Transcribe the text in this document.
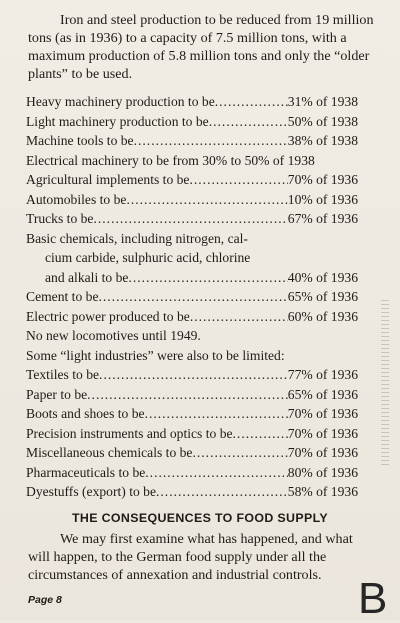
Iron and steel production to be reduced from 19 million tons (as in 1936) to a capacity of 7.5 million tons, with a maximum production of 5.8 million tons and only the “older plants” to be used.

Heavy machinery production to be .....	31% of 1938
Light machinery production to be .....	50% of 1938
Machine tools to be .....	38% of 1938
Electrical machinery to be from 30% to 50% of 1938
Agricultural implements to be .....	70% of 1936
Automobiles to be .....	10% of 1936
Trucks to be .....	67% of 1936
Basic chemicals, including nitrogen, cal-
cium carbide, sulphuric acid, chlorine
and alkali to be .....	40% of 1936
Cement to be .....	65% of 1936
Electric power produced to be .....	60% of 1936
No new locomotives until 1949.
Some “light industries” were also to be limited:
Textiles to be .....	77% of 1936
Paper to be .....	65% of 1936
Boots and shoes to be .....	70% of 1936
Precision instruments and optics to be .....	70% of 1936
Miscellaneous chemicals to be .....	70% of 1936
Pharmaceuticals to be .....	80% of 1936
Dyestuffs (export) to be .....	58% of 1936
THE CONSEQUENCES TO FOOD SUPPLY

We may first examine what has happened, and what will happen, to the German food supply under all the circumstances of annexation and industrial controls.

Page 8	B
